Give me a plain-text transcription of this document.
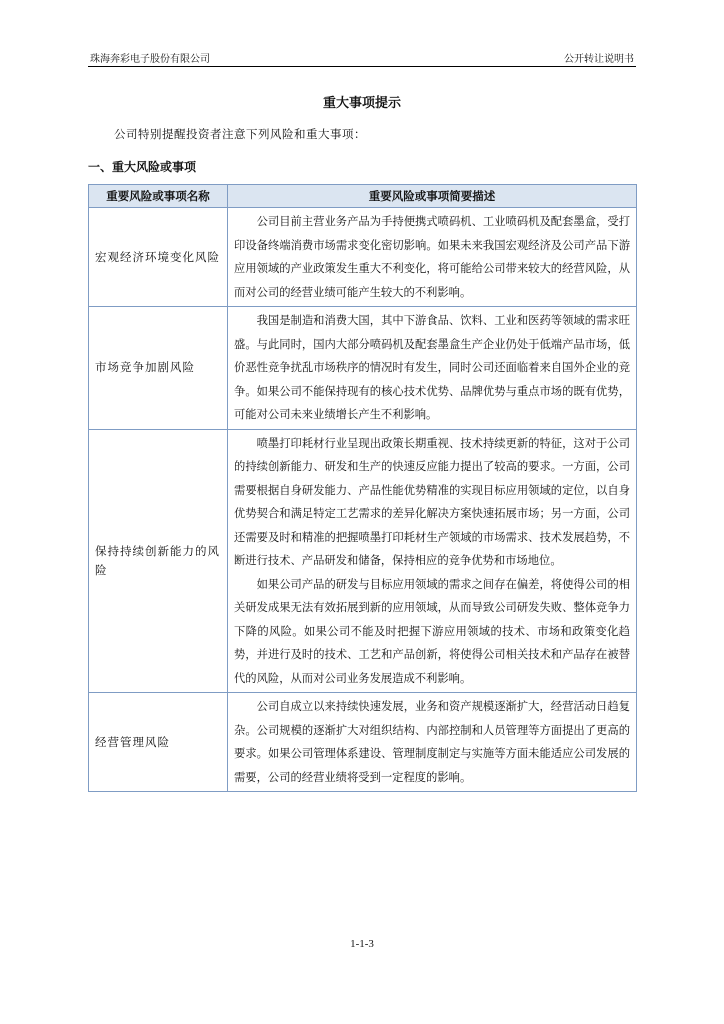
珠海奔彩电子股份有限公司	公开转让说明书
重大事项提示
公司特别提醒投资者注意下列风险和重大事项：
一、重大风险或事项
重要风险或事项名称	重要风险或事项简要描述
宏观经济环境变化风险	公司目前主营业务产品为手持便携式喷码机、工业喷码机及配套墨盒，受打印设备终端消费市场需求变化密切影响。如果未来我国宏观经济及公司产品下游应用领域的产业政策发生重大不利变化，将可能给公司带来较大的经营风险，从而对公司的经营业绩可能产生较大的不利影响。

市场竞争加剧风险	我国是制造和消费大国，其中下游食品、饮料、工业和医药等领域的需求旺盛。与此同时，国内大部分喷码机及配套墨盒生产企业仍处于低端产品市场，低价恶性竞争扰乱市场秩序的情况时有发生，同时公司还面临着来自国外企业的竞争。如果公司不能保持现有的核心技术优势、品牌优势与重点市场的既有优势，可能对公司未来业绩增长产生不利影响。

保持持续创新能力的风险	喷墨打印耗材行业呈现出政策长期重视、技术持续更新的特征，这对于公司的持续创新能力、研发和生产的快速反应能力提出了较高的要求。一方面，公司需要根据自身研发能力、产品性能优势精准的实现目标应用领域的定位，以自身优势契合和满足特定工艺需求的差异化解决方案快速拓展市场；另一方面，公司还需要及时和精准的把握喷墨打印耗材生产领域的市场需求、技术发展趋势，不断进行技术、产品研发和储备，保持相应的竞争优势和市场地位。

如果公司产品的研发与目标应用领域的需求之间存在偏差，将使得公司的相关研发成果无法有效拓展到新的应用领域，从而导致公司研发失败、整体竞争力下降的风险。如果公司不能及时把握下游应用领域的技术、市场和政策变化趋势，并进行及时的技术、工艺和产品创新，将使得公司相关技术和产品存在被替代的风险，从而对公司业务发展造成不利影响。

经营管理风险	公司自成立以来持续快速发展，业务和资产规模逐渐扩大，经营活动日趋复杂。公司规模的逐渐扩大对组织结构、内部控制和人员管理等方面提出了更高的要求。如果公司管理体系建设、管理制度制定与实施等方面未能适应公司发展的需要，公司的经营业绩将受到一定程度的影响。

1-1-3
